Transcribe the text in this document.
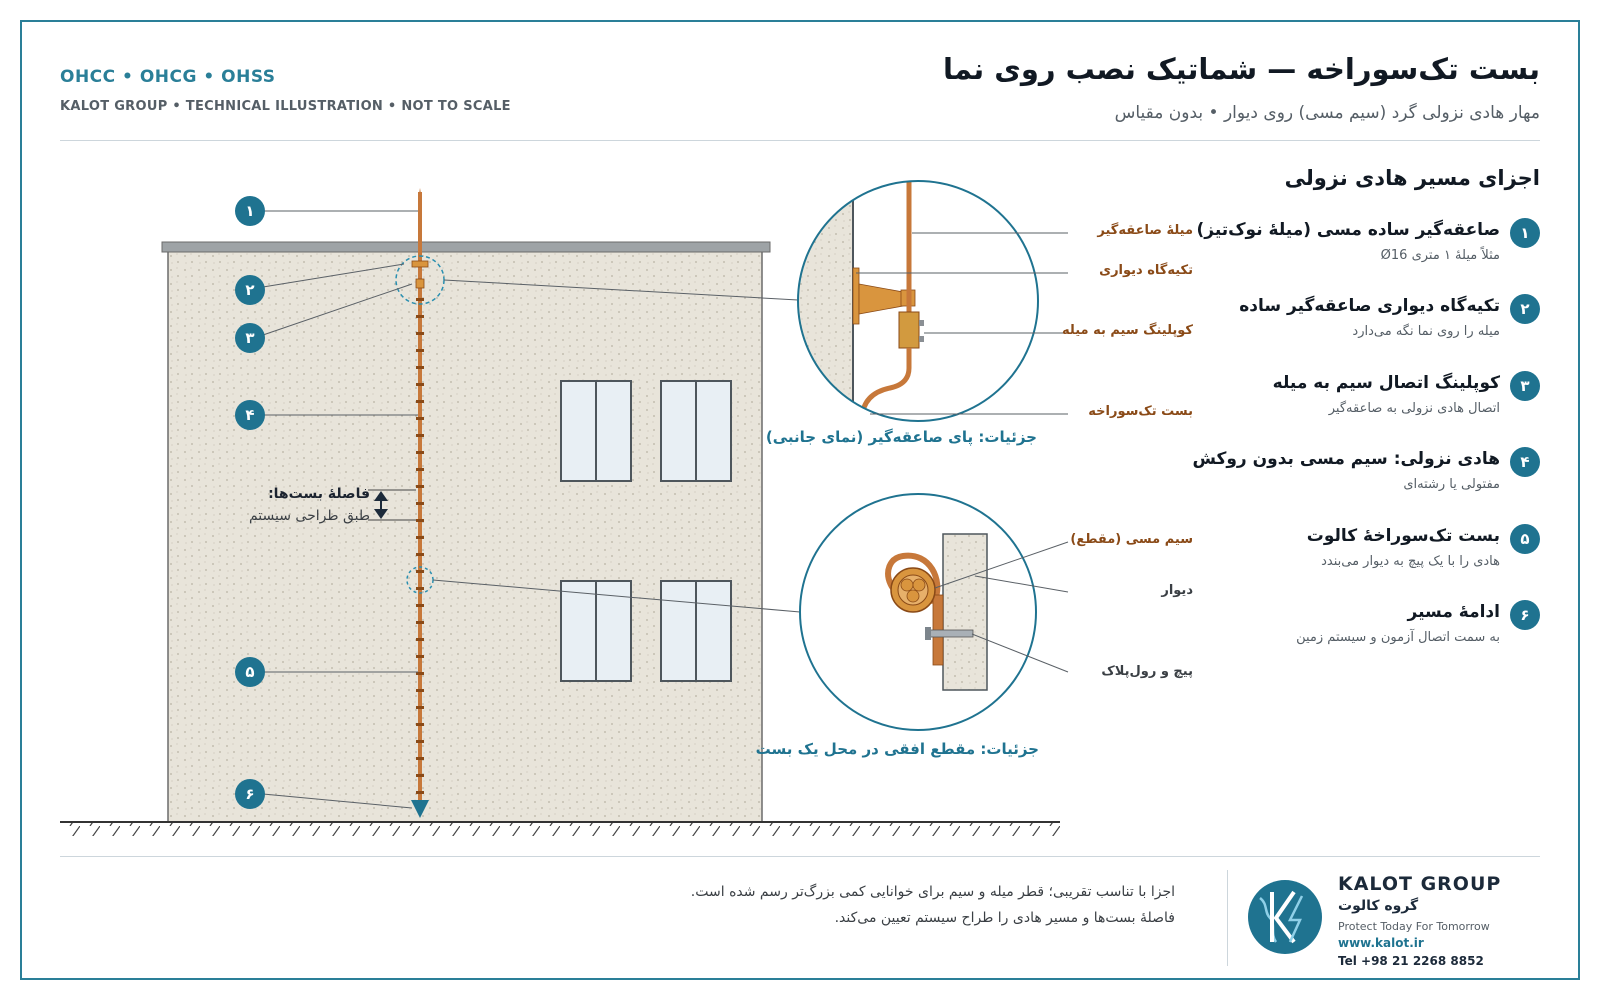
بست تک‌سوراخه — شماتیک نصب روی نما
مهار هادی نزولی گرد (سیم مسی) روی دیوار • بدون مقیاس
OHCC • OHCG • OHSS
KALOT GROUP • TECHNICAL ILLUSTRATION • NOT TO SCALE
۱
۲
۳
۴
۵
۶
فاصلهٔ بست‌ها:
طبق طراحی سیستم
میلهٔ صاعقه‌گیر
تکیه‌گاه دیواری
کوپلینگ سیم به میله
بست تک‌سوراخه
جزئیات: پای صاعقه‌گیر (نمای جانبی)
سیم مسی (مقطع)
دیوار
پیچ و رول‌پلاک
جزئیات: مقطع افقی در محل یک بست
اجزای مسیر هادی نزولی
۱
صاعقه‌گیر ساده مسی (میلهٔ نوک‌تیز)
مثلاً میلهٔ ۱ متری Ø16
۲
تکیه‌گاه دیواری صاعقه‌گیر ساده
میله را روی نما نگه می‌دارد
۳
کوپلینگ اتصال سیم به میله
اتصال هادی نزولی به صاعقه‌گیر
۴
هادی نزولی: سیم مسی بدون روکش
مفتولی یا رشته‌ای
۵
بست تک‌سوراخهٔ کالوت
هادی را با یک پیچ به دیوار می‌بندد
۶
ادامهٔ مسیر
به سمت اتصال آزمون و سیستم زمین
اجزا با تناسب تقریبی؛ قطر میله و سیم برای خوانایی کمی بزرگ‌تر رسم شده است.
فاصلهٔ بست‌ها و مسیر هادی را طراح سیستم تعیین می‌کند.
KALOT GROUP
گروه کالوت
Protect Today For Tomorrow
www.kalot.ir
Tel +98 21 2268 8852
